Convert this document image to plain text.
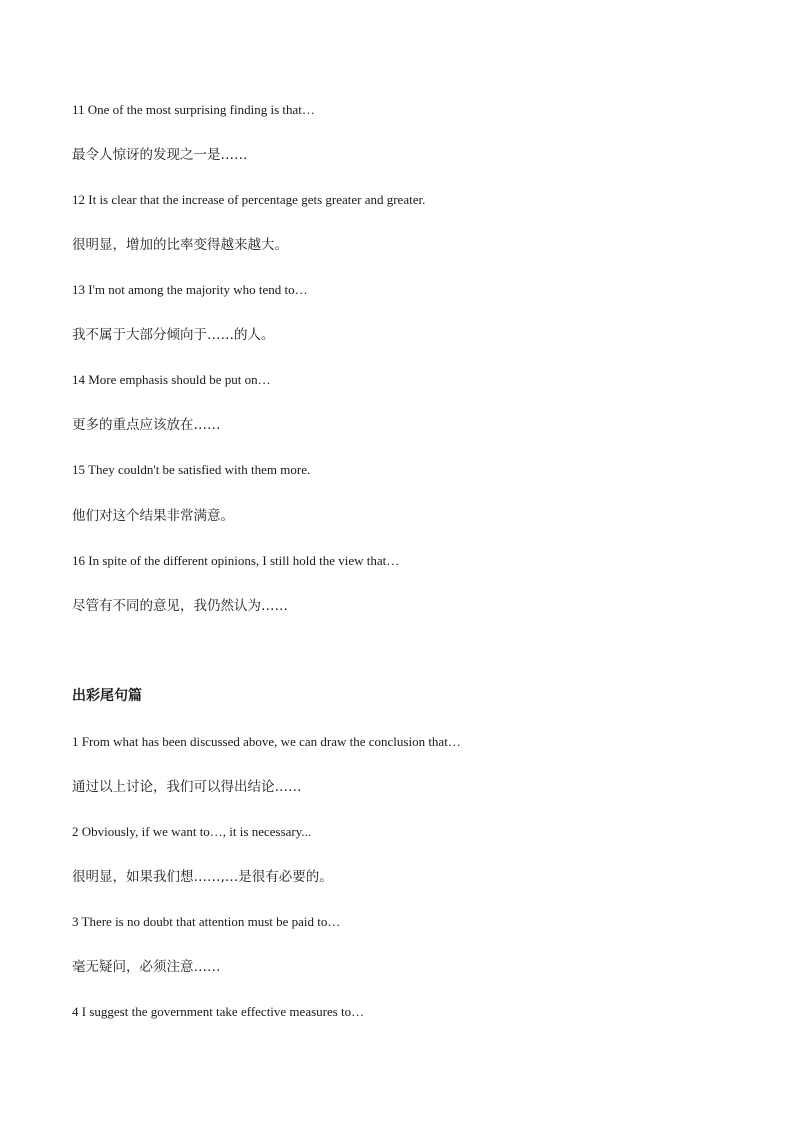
11 One of the most surprising finding is that…
最令人惊讶的发现之一是……
12 It is clear that the increase of percentage gets greater and greater.
很明显，增加的比率变得越来越大。
13 I'm not among the majority who tend to…
我不属于大部分倾向于……的人。
14 More emphasis should be put on…
更多的重点应该放在……
15 They couldn't be satisfied with them more.
他们对这个结果非常满意。
16 In spite of the different opinions, I still hold the view that…
尽管有不同的意见，我仍然认为……
出彩尾句篇
1 From what has been discussed above, we can draw the conclusion that…
通过以上讨论，我们可以得出结论……
2 Obviously, if we want to…, it is necessary...
很明显，如果我们想……,…是很有必要的。
3 There is no doubt that attention must be paid to…
毫无疑问，必须注意……
4 I suggest the government take effective measures to…
